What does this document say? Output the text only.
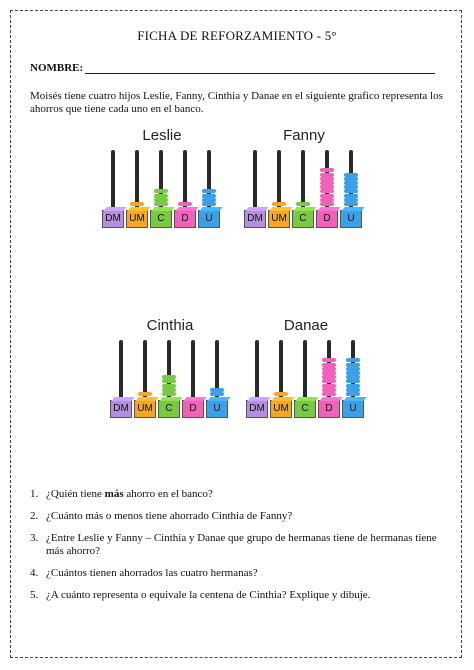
FICHA DE REFORZAMIENTO - 5°
NOMBRE:
Moisés tiene cuatro hijos Leslie, Fanny, Cinthia y Danae en el siguiente grafico representa los ahorros que tiene cada uno en el banco.
Leslie
DM UM	C	D	U
Fanny
DM UM	C	D	U
Cinthia
DM UM	C	D	U
Danae
DM UM	C	D	U
1. ¿Quién tiene más ahorro en el banco?
2. ¿Cuánto más o menos tiene ahorrado Cinthia de Fanny?
3. ¿Entre Leslie y Fanny – Cinthia y Danae que grupo de hermanas tiene de hermanas tiene más ahorro?
4. ¿Cuántos tienen ahorrados las cuatro hermanas?
5. ¿A cuánto representa o equivale la centena de Cinthia? Explique y dibuje.
